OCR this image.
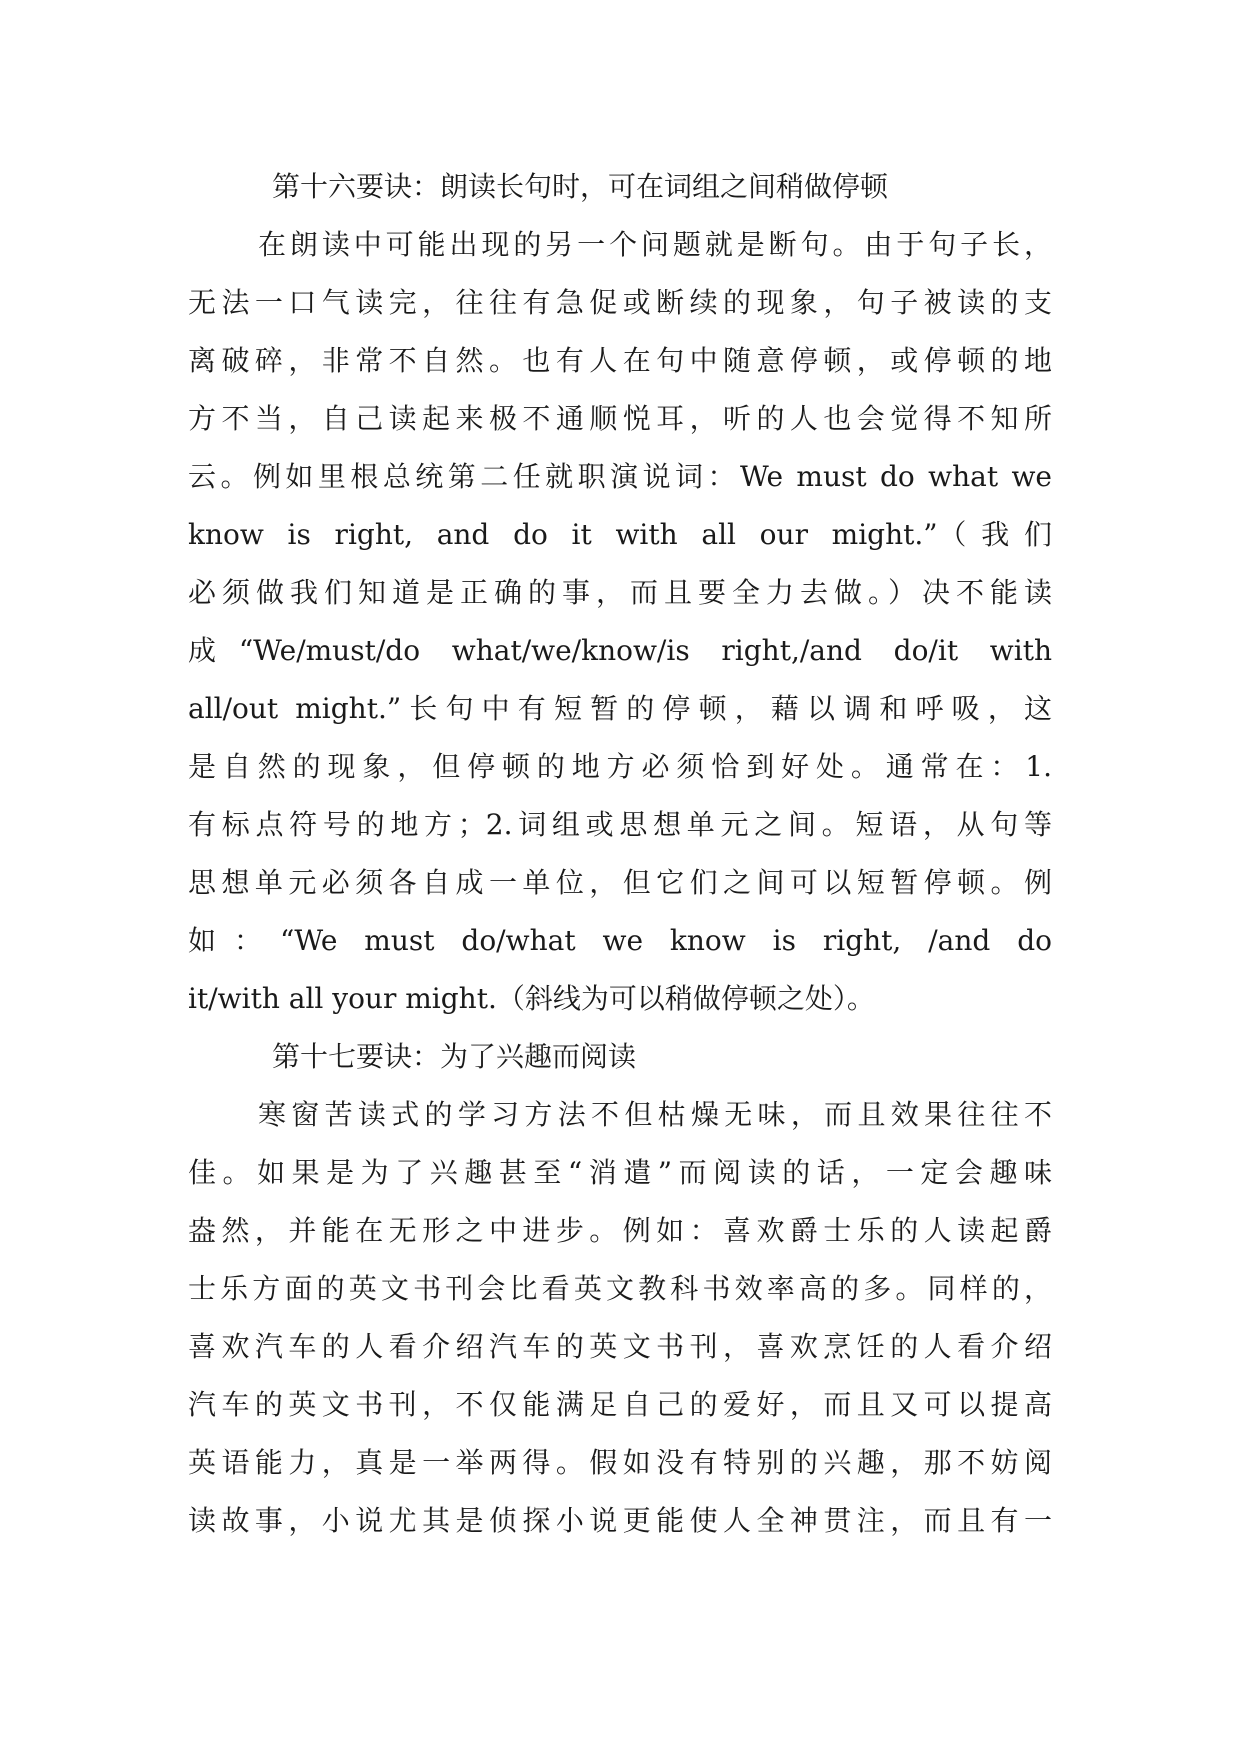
第十六要诀：朗读长句时，可在词组之间稍做停顿
在朗读中可能出现的另一个问题就是断句。由于句子长，
无法一口气读完，往往有急促或断续的现象，句子被读的支
离破碎，非常不自然。也有人在句中随意停顿，或停顿的地
方不当，自己读起来极不通顺悦耳，听的人也会觉得不知所
云。例如里根总统第二任就职演说词：We must do what we
know is right, and do it with all our might.”（我们
必须做我们知道是正确的事，而且要全力去做。）决不能读
成“We/must/do what/we/know/is right,/and do/it with
all/out might.”长句中有短暂的停顿，藉以调和呼吸，这
是自然的现象，但停顿的地方必须恰到好处。通常在：1.
有标点符号的地方；2.词组或思想单元之间。短语，从句等
思想单元必须各自成一单位，但它们之间可以短暂停顿。例
如：“We must do/what we know is right, /and do
it/with all your might.（斜线为可以稍做停顿之处）。
第十七要诀：为了兴趣而阅读
寒窗苦读式的学习方法不但枯燥无味，而且效果往往不
佳。如果是为了兴趣甚至“消遣”而阅读的话，一定会趣味
盎然，并能在无形之中进步。例如：喜欢爵士乐的人读起爵
士乐方面的英文书刊会比看英文教科书效率高的多。同样的，
喜欢汽车的人看介绍汽车的英文书刊，喜欢烹饪的人看介绍
汽车的英文书刊，不仅能满足自己的爱好，而且又可以提高
英语能力，真是一举两得。假如没有特别的兴趣，那不妨阅
读故事，小说尤其是侦探小说更能使人全神贯注，而且有一
